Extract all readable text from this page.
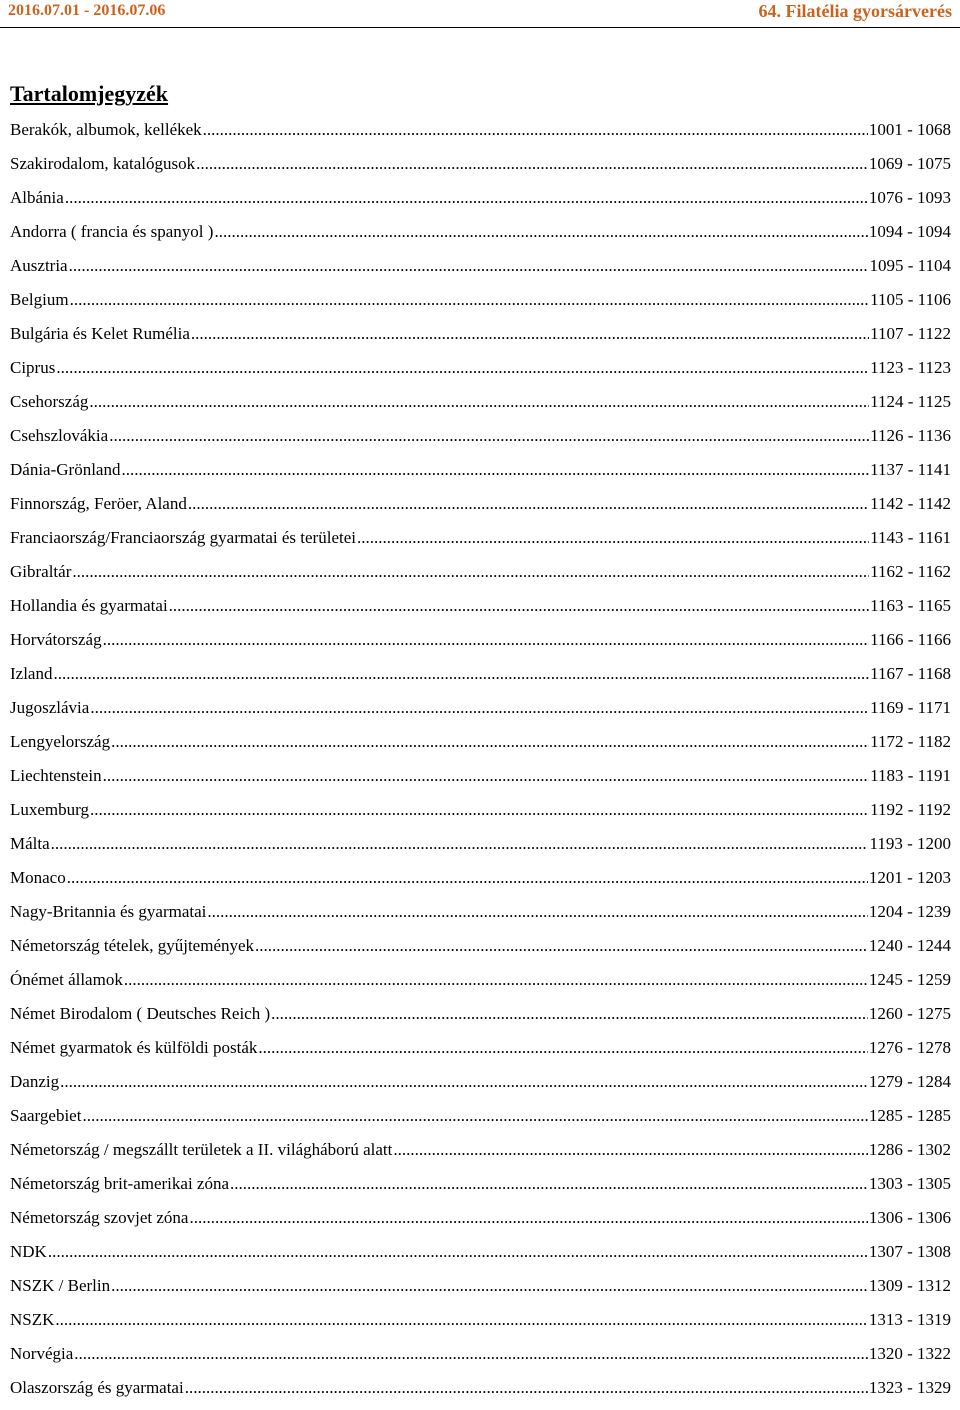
2016.07.01 - 2016.07.06	64. Filatélia gyorsárverés
Tartalomjegyzék
Berakók, albumok, kellékek .....	1001 - 1068
Szakirodalom, katalógusok .....	1069 - 1075
Albánia .....	1076 - 1093
Andorra ( francia és spanyol ) .....	1094 - 1094
Ausztria .....	1095 - 1104
Belgium .....	1105 - 1106
Bulgária és Kelet Rumélia .....	1107 - 1122
Ciprus .....	1123 - 1123
Csehország .....	1124 - 1125
Csehszlovákia .....	1126 - 1136
Dánia-Grönland .....	1137 - 1141
Finnország, Feröer, Aland .....	1142 - 1142
Franciaország/Franciaország gyarmatai és területei .....	1143 - 1161
Gibraltár .....	1162 - 1162
Hollandia és gyarmatai .....	1163 - 1165
Horvátország .....	1166 - 1166
Izland .....	1167 - 1168
Jugoszlávia .....	1169 - 1171
Lengyelország .....	1172 - 1182
Liechtenstein .....	1183 - 1191
Luxemburg .....	1192 - 1192
Málta .....	1193 - 1200
Monaco .....	1201 - 1203
Nagy-Britannia és gyarmatai .....	1204 - 1239
Németország tételek, gyűjtemények .....	1240 - 1244
Ónémet államok .....	1245 - 1259
Német Birodalom ( Deutsches Reich ) .....	1260 - 1275
Német gyarmatok és külföldi posták .....	1276 - 1278
Danzig .....	1279 - 1284
Saargebiet .....	1285 - 1285
Németország / megszállt területek a II. világháború alatt .....	1286 - 1302
Németország brit-amerikai zóna .....	1303 - 1305
Németország szovjet zóna .....	1306 - 1306
NDK .....	1307 - 1308
NSZK / Berlin .....	1309 - 1312
NSZK .....	1313 - 1319
Norvégia .....	1320 - 1322
Olaszország és gyarmatai .....	1323 - 1329
